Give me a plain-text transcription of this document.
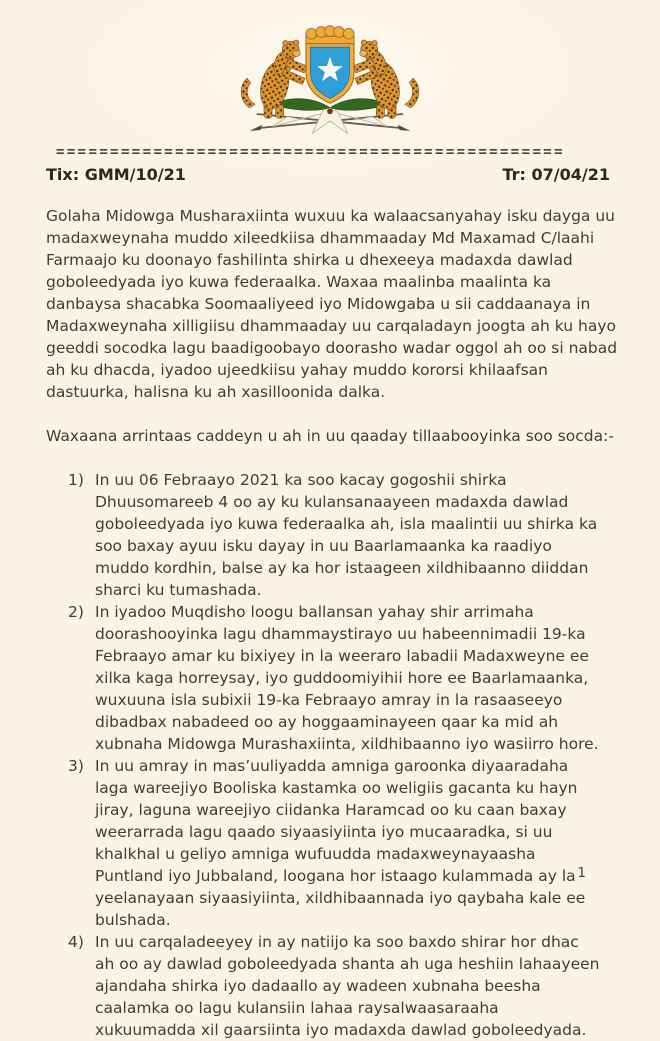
===============================================
Tix: GMM/10/21	Tr: 07/04/21

Golaha Midowga Musharaxiinta wuxuu ka walaacsanyahay isku dayga uu madaxweynaha muddo xileedkiisa dhammaaday Md Maxamad C/laahi Farmaajo ku doonayo fashilinta shirka u dhexeeya madaxda dawlad goboleedyada iyo kuwa federaalka. Waxaa maalinba maalinta ka danbaysa shacabka Soomaaliyeed iyo Midowgaba u sii caddaanaya in Madaxweynaha xilligiisu dhammaaday uu carqaladayn joogta ah ku hayo geeddi socodka lagu baadigoobayo doorasho wadar oggol ah oo si nabad ah ku dhacda, iyadoo ujeedkiisu yahay muddo kororsi khilaafsan dastuurka, halisna ku ah xasilloonida dalka.

Waxaana arrintaas caddeyn u ah in uu qaaday tillaabooyinka soo socda:-

1) In uu 06 Febraayo 2021 ka soo kacay gogoshii shirka Dhuusomareeb 4 oo ay ku kulansanaayeen madaxda dawlad goboleedyada iyo kuwa federaalka ah, isla maalintii uu shirka ka soo baxay ayuu isku dayay in uu Baarlamaanka ka raadiyo muddo kordhin, balse ay ka hor istaageen xildhibaanno diiddan sharci ku tumashada.
2) In iyadoo Muqdisho loogu ballansan yahay shir arrimaha doorashooyinka lagu dhammaystirayo uu habeennimadii 19-ka Febraayo amar ku bixiyey in la weeraro labadii Madaxweyne ee xilka kaga horreysay, iyo guddoomiyihii hore ee Baarlamaanka, wuxuuna isla subixii 19-ka Febraayo amray in la rasaaseeyo dibadbax nabadeed oo ay hoggaaminayeen qaar ka mid ah xubnaha Midowga Murashaxiinta, xildhibaanno iyo wasiirro hore.
3) In uu amray in mas’uuliyadda amniga garoonka diyaaradaha laga wareejiyo Booliska kastamka oo weligiis gacanta ku hayn jiray, laguna wareejiyo ciidanka Haramcad oo ku caan baxay weerarrada lagu qaado siyaasiyiinta iyo mucaaradka, si uu khalkhal u geliyo amniga wufuudda madaxweynayaasha Puntland iyo Jubbaland, loogana hor istaago kulammada ay la yeelanayaan siyaasiyiinta, xildhibaannada iyo qaybaha kale ee bulshada.
4) In uu carqaladeeyey in ay natiijo ka soo baxdo shirar hor dhac ah oo ay dawlad goboleedyada shanta ah uga heshiin lahaayeen ajandaha shirka iyo dadaallo ay wadeen xubnaha beesha caalamka oo lagu kulansiin lahaa raysalwaasaraaha xukuumadda xil gaarsiinta iyo madaxda dawlad goboleedyada.
1
